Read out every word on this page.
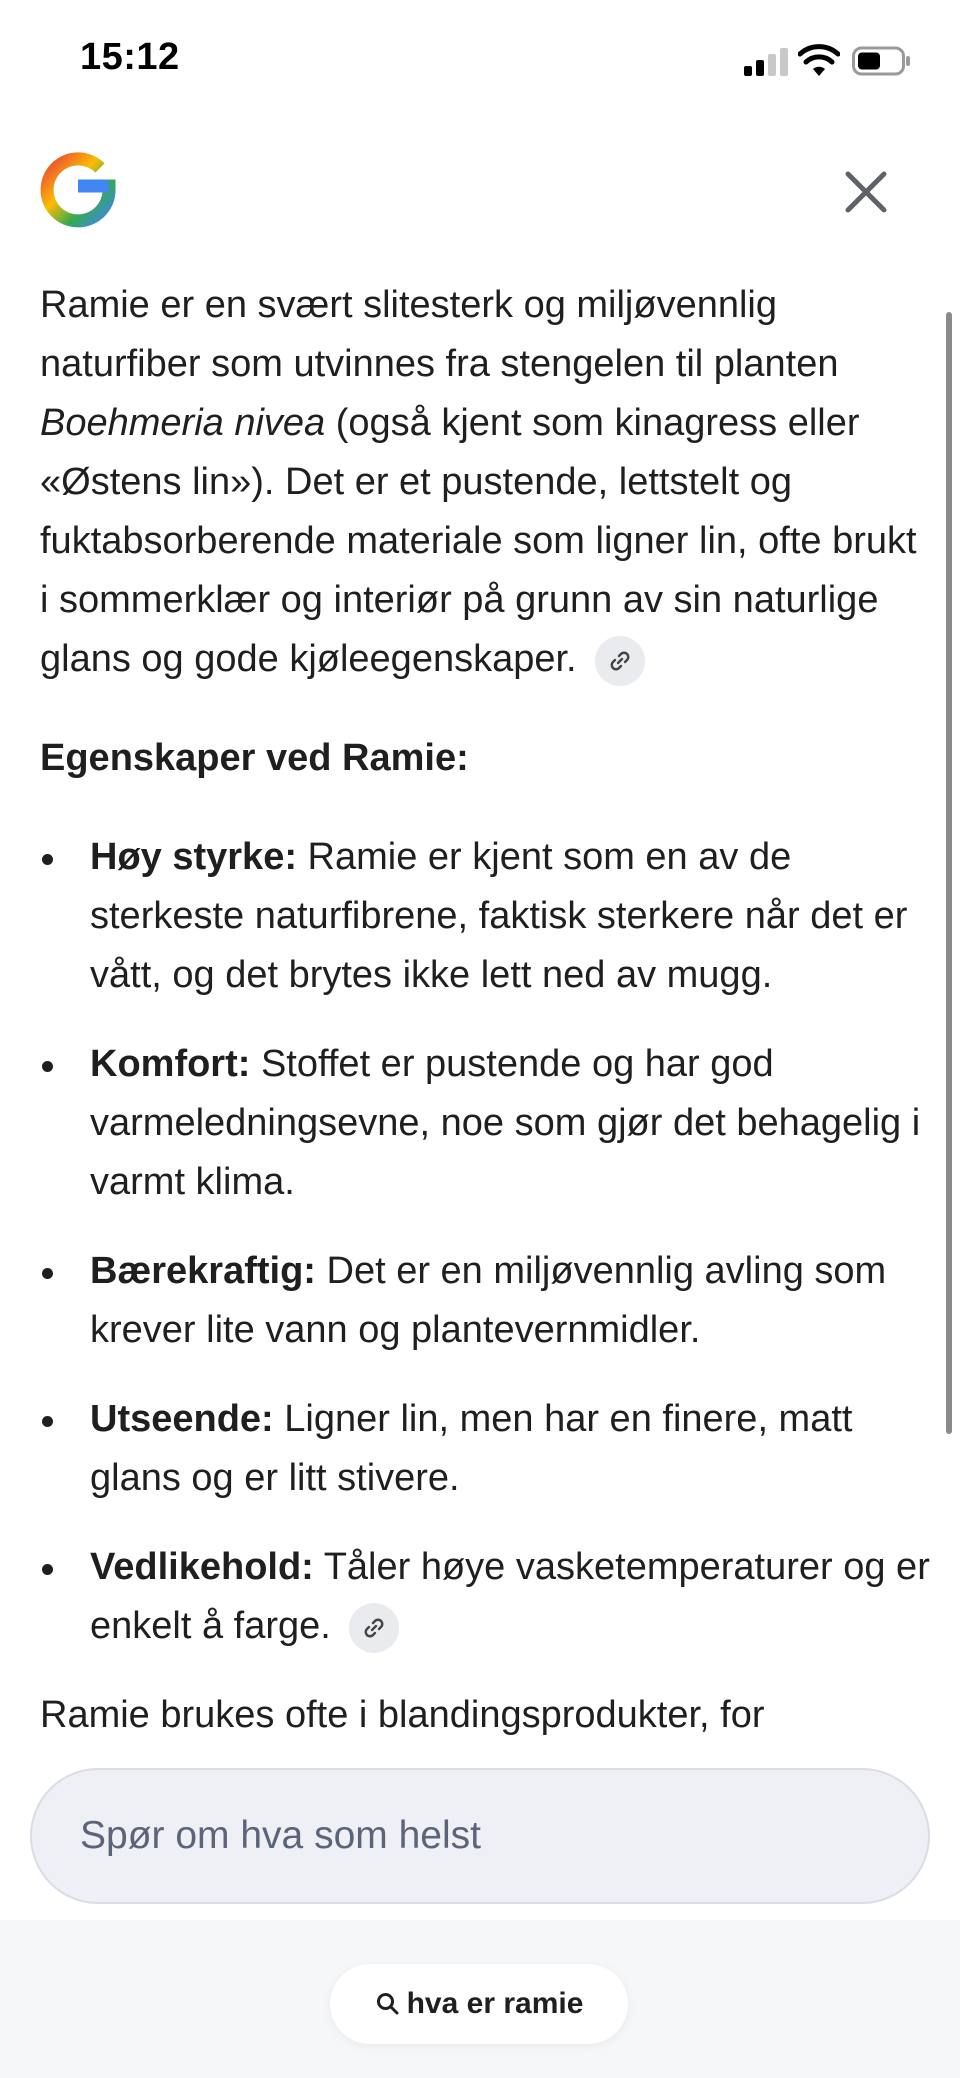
15:12

Ramie er en svært slitesterk og miljøvennlig naturfiber som utvinnes fra stengelen til planten Boehmeria nivea (også kjent som kinagress eller «Østens lin»). Det er et pustende, lettstelt og fuktabsorberende materiale som ligner lin, ofte brukt i sommerklær og interiør på grunn av sin naturlige glans og gode kjøleegenskaper.

Egenskaper ved Ramie:

Høy styrke: Ramie er kjent som en av de sterkeste naturfibrene, faktisk sterkere når det er vått, og det brytes ikke lett ned av mugg.
Komfort: Stoffet er pustende og har god varmeledningsevne, noe som gjør det behagelig i varmt klima.
Bærekraftig: Det er en miljøvennlig avling som krever lite vann og plantevernmidler.
Utseende: Ligner lin, men har en finere, matt glans og er litt stivere.
Vedlikehold: Tåler høye vasketemperaturer og er enkelt å farge.

Ramie brukes ofte i blandingsprodukter, for

Spør om hva som helst
hva er ramie
